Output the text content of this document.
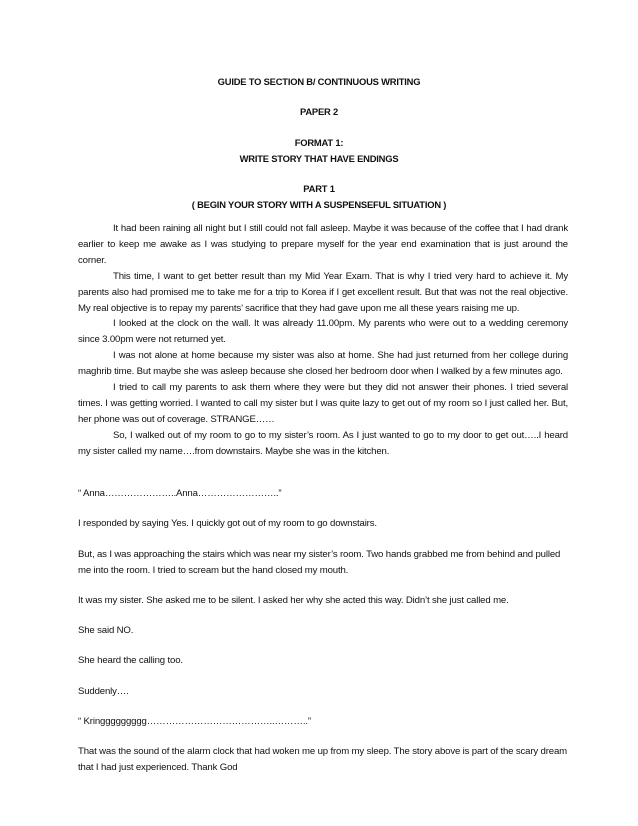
GUIDE TO SECTION B/ CONTINUOUS WRITING
PAPER 2
FORMAT 1:
WRITE STORY THAT HAVE ENDINGS
PART 1
( BEGIN YOUR STORY WITH A SUSPENSEFUL SITUATION )

It had been raining all night but I still could not fall asleep. Maybe it was because of the coffee that I had drank earlier to keep me awake as I was studying to prepare myself for the year end examination that is just around the corner.

This time, I want to get better result than my Mid Year Exam. That is why I tried very hard to achieve it. My parents also had promised me to take me for a trip to Korea if I get excellent result. But that was not the real objective. My real objective is to repay my parents’ sacrifice that they had gave upon me all these years raising me up.

I looked at the clock on the wall. It was already 11.00pm. My parents who were out to a wedding ceremony since 3.00pm were not returned yet.

I was not alone at home because my sister was also at home. She had just returned from her college during maghrib time. But maybe she was asleep because she closed her bedroom door when I walked by a few minutes ago.

I tried to call my parents to ask them where they were but they did not answer their phones. I tried several times. I was getting worried. I wanted to call my sister but I was quite lazy to get out of my room so I just called her. But, her phone was out of coverage. STRANGE……

So, I walked out of my room to go to my sister’s room. As I just wanted to go to my door to get out…..I heard my sister called my name….from downstairs. Maybe she was in the kitchen.

“ Anna…………………..Anna……………………..”

I responded by saying Yes. I quickly got out of my room to go downstairs.

But, as I was approaching the stairs which was near my sister’s room. Two hands grabbed me from behind and pulled me into the room. I tried to scream but the hand closed my mouth.

It was my sister. She asked me to be silent. I asked her why she acted this way. Didn’t she just called me.

She said NO.

She heard the calling too.

Suddenly….

“ Kringgggggggg…………………………………..………..”

That was the sound of the alarm clock that had woken me up from my sleep. The story above is part of the scary dream that I had just experienced. Thank God
